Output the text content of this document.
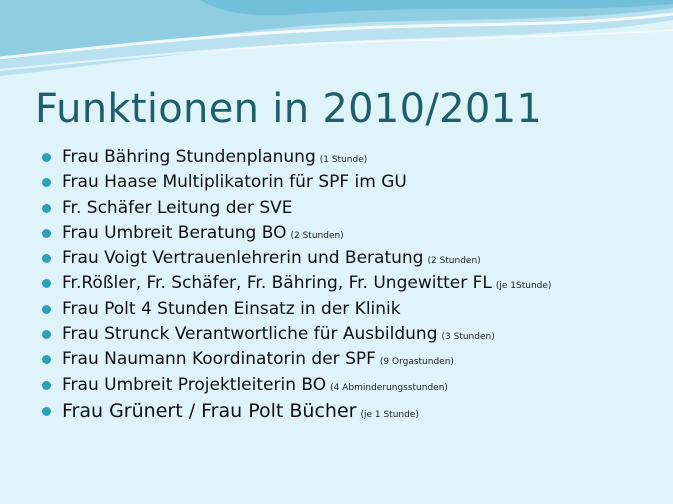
Funktionen in 2010/2011
Frau Bähring Stundenplanung (1 Stunde)
Frau Haase Multiplikatorin für SPF im GU
Fr. Schäfer Leitung der SVE
Frau Umbreit Beratung BO (2 Stunden)
Frau Voigt Vertrauenlehrerin und Beratung (2 Stunden)
Fr.Rößler, Fr. Schäfer, Fr. Bähring, Fr. Ungewitter FL (je 1Stunde)
Frau Polt 4 Stunden Einsatz in der Klinik
Frau Strunck Verantwortliche für Ausbildung (3 Stunden)
Frau Naumann Koordinatorin der SPF (9 Orgastunden)
Frau Umbreit Projektleiterin BO (4 Abminderungsstunden)
Frau Grünert / Frau Polt Bücher (je 1 Stunde)
